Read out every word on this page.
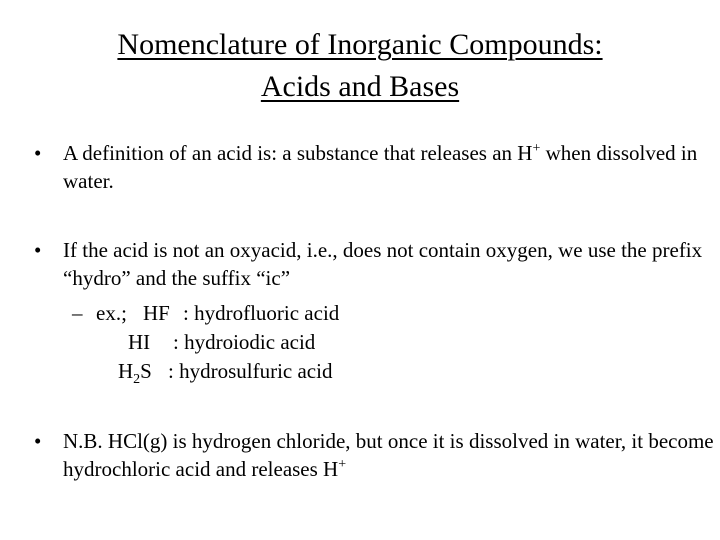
Nomenclature of Inorganic Compounds:
Acids and Bases
• A definition of an acid is: a substance that releases an H+ when dissolved in water.
• If the acid is not an oxyacid, i.e., does not contain oxygen, we use the prefix “hydro” and the suffix “ic”
– ex.; HF : hydrofluoric acid
HI : hydroiodic acid
$H_2S$ : hydrosulfuric acid
• N.B. HCl(g) is hydrogen chloride, but once it is dissolved in water, it become hydrochloric acid and releases H+
